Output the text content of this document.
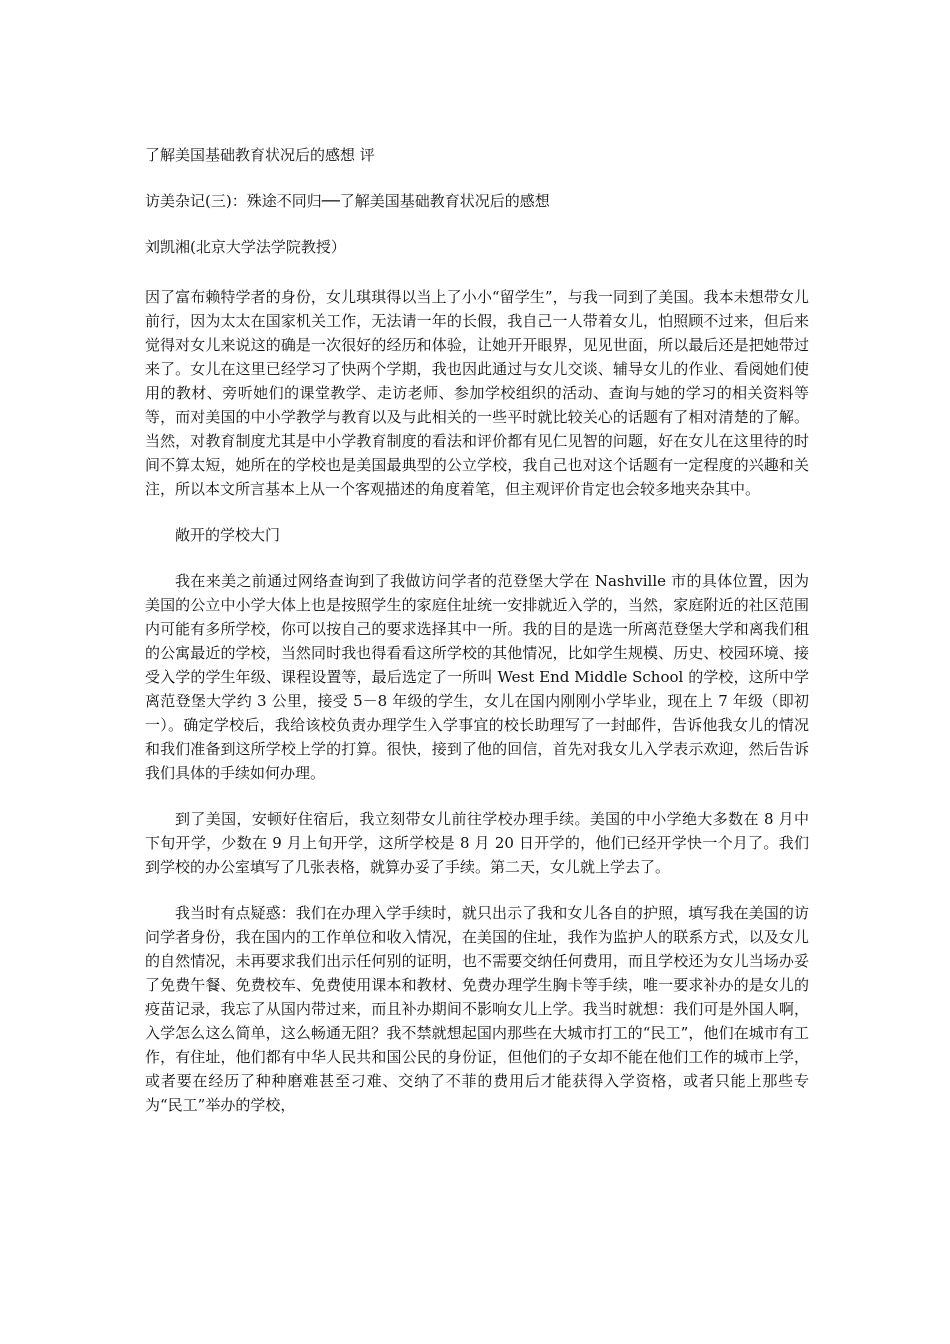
了解美国基础教育状况后的感想 评

访美杂记(三)：殊途不同归──了解美国基础教育状况后的感想

刘凯湘(北京大学法学院教授）

因了富布赖特学者的身份，女儿琪琪得以当上了小小“留学生”，与我一同到了美国。我本未想带女儿前行，因为太太在国家机关工作，无法请一年的长假，我自己一人带着女儿，怕照顾不过来，但后来觉得对女儿来说这的确是一次很好的经历和体验，让她开开眼界，见见世面，所以最后还是把她带过来了。女儿在这里已经学习了快两个学期，我也因此通过与女儿交谈、辅导女儿的作业、看阅她们使用的教材、旁听她们的课堂教学、走访老师、参加学校组织的活动、查询与她的学习的相关资料等等，而对美国的中小学教学与教育以及与此相关的一些平时就比较关心的话题有了相对清楚的了解。当然，对教育制度尤其是中小学教育制度的看法和评价都有见仁见智的问题，好在女儿在这里待的时间不算太短，她所在的学校也是美国最典型的公立学校，我自己也对这个话题有一定程度的兴趣和关注，所以本文所言基本上从一个客观描述的角度着笔，但主观评价肯定也会较多地夹杂其中。

敞开的学校大门

我在来美之前通过网络查询到了我做访问学者的范登堡大学在 Nashville 市的具体位置，因为美国的公立中小学大体上也是按照学生的家庭住址统一安排就近入学的，当然，家庭附近的社区范围内可能有多所学校，你可以按自己的要求选择其中一所。我的目的是选一所离范登堡大学和离我们租的公寓最近的学校，当然同时我也得看看这所学校的其他情况，比如学生规模、历史、校园环境、接受入学的学生年级、课程设置等，最后选定了一所叫 West End Middle School 的学校，这所中学离范登堡大学约 3 公里，接受 5－8 年级的学生，女儿在国内刚刚小学毕业，现在上 7 年级（即初一）。确定学校后，我给该校负责办理学生入学事宜的校长助理写了一封邮件，告诉他我女儿的情况和我们准备到这所学校上学的打算。很快，接到了他的回信，首先对我女儿入学表示欢迎，然后告诉我们具体的手续如何办理。

到了美国，安顿好住宿后，我立刻带女儿前往学校办理手续。美国的中小学绝大多数在 8 月中下旬开学，少数在 9 月上旬开学，这所学校是 8 月 20 日开学的，他们已经开学快一个月了。我们到学校的办公室填写了几张表格，就算办妥了手续。第二天，女儿就上学去了。

我当时有点疑惑：我们在办理入学手续时，就只出示了我和女儿各自的护照，填写我在美国的访问学者身份，我在国内的工作单位和收入情况，在美国的住址，我作为监护人的联系方式，以及女儿的自然情况，未再要求我们出示任何别的证明，也不需要交纳任何费用，而且学校还为女儿当场办妥了免费午餐、免费校车、免费使用课本和教材、免费办理学生胸卡等手续，唯一要求补办的是女儿的疫苗记录，我忘了从国内带过来，而且补办期间不影响女儿上学。我当时就想：我们可是外国人啊，入学怎么这么简单，这么畅通无阻？我不禁就想起国内那些在大城市打工的“民工”，他们在城市有工作，有住址，他们都有中华人民共和国公民的身份证，但他们的子女却不能在他们工作的城市上学，或者要在经历了种种磨难甚至刁难、交纳了不菲的费用后才能获得入学资格，或者只能上那些专为“民工”举办的学校，
